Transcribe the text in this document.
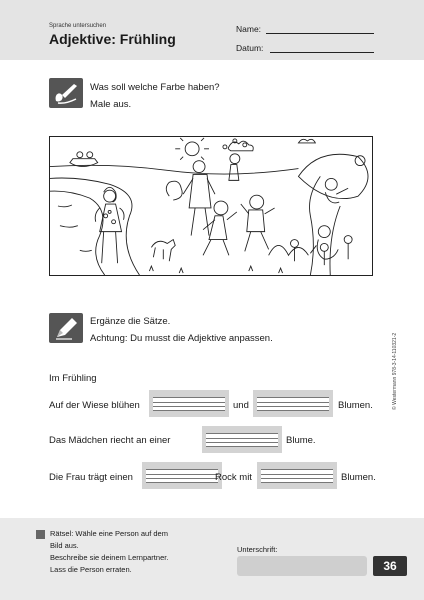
Sprache untersuchen
Adjektive: Frühling
Name:
Datum:
Was soll welche Farbe haben?
Male aus.
Ergänze die Sätze.
Achtung: Du musst die Adjektive anpassen.
Im Frühling
Auf der Wiese blühen	und	Blumen.
Das Mädchen riecht an einer	Blume.
Die Frau trägt einen	Rock mit	Blumen.
© Westermann 978-3-14-110321-2
Rätsel: Wähle eine Person auf dem
Bild aus.
Beschreibe sie deinem Lernpartner.
Lass die Person erraten.
Unterschrift:
36
